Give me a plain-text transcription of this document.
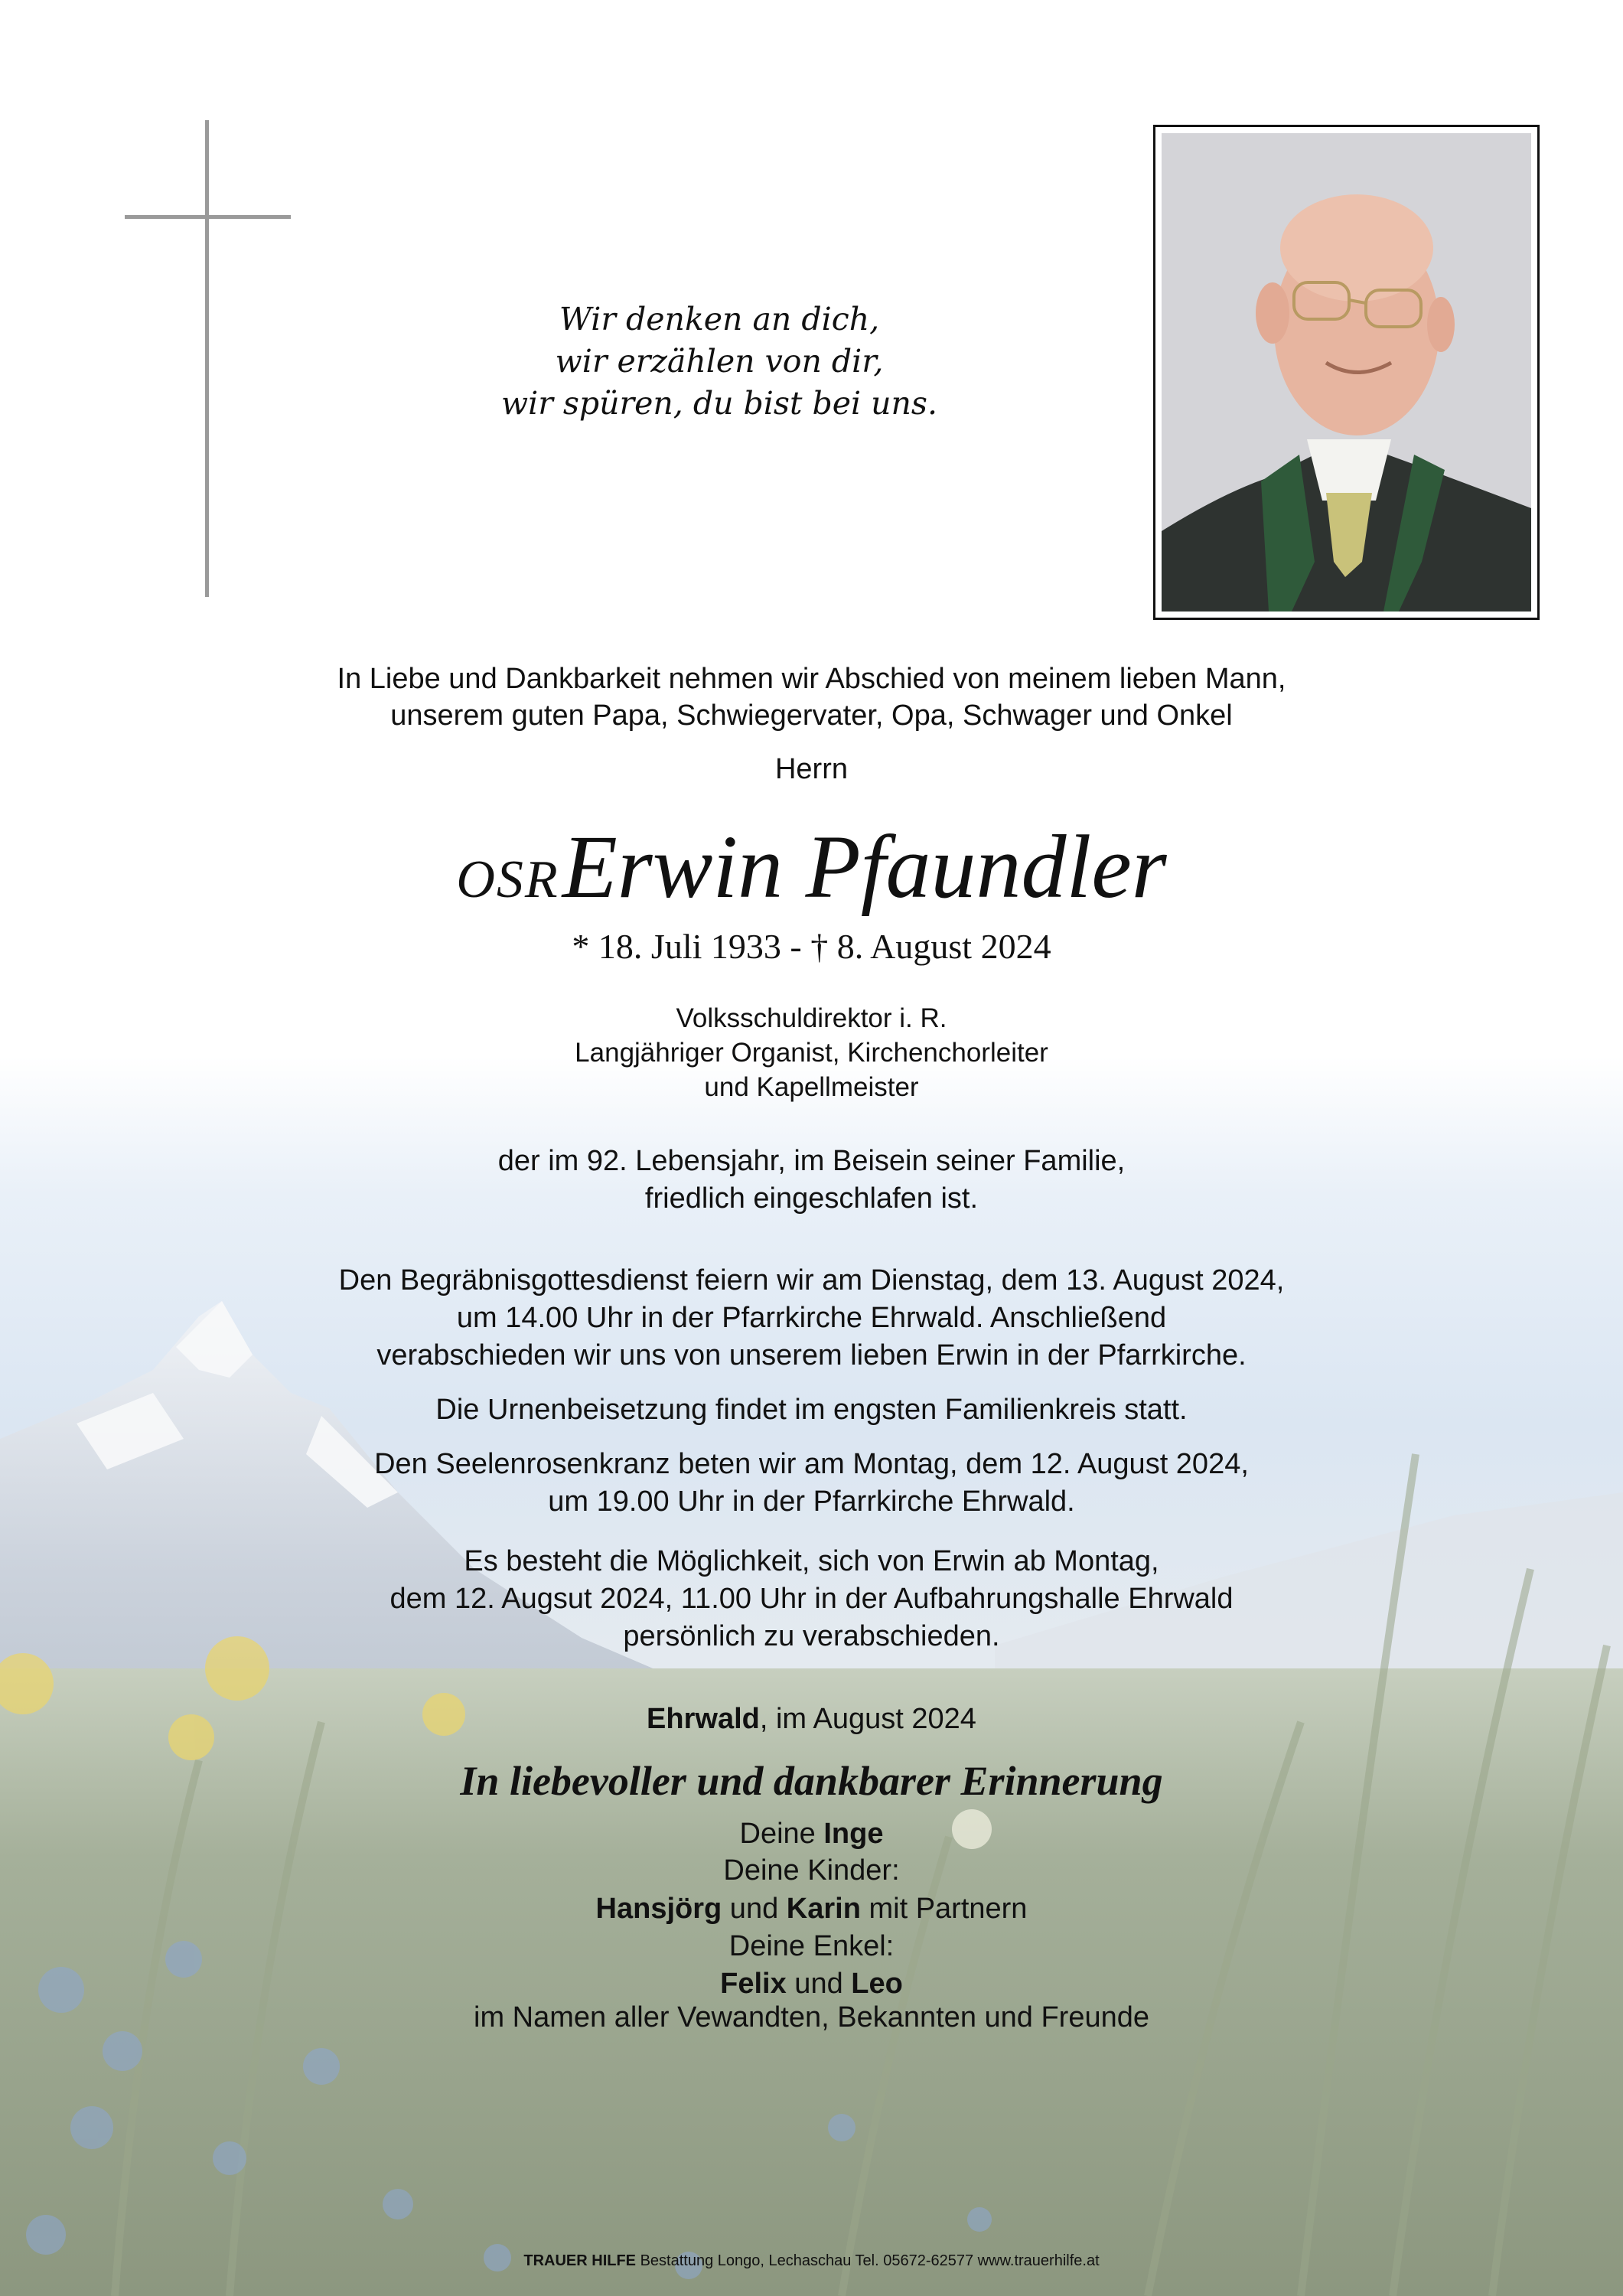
Wir denken an dich,
wir erzählen von dir,
wir spüren, du bist bei uns.
In Liebe und Dankbarkeit nehmen wir Abschied von meinem lieben Mann,
unserem guten Papa, Schwiegervater, Opa, Schwager und Onkel
Herrn
OSR Erwin Pfaundler
* 18. Juli 1933 - † 8. August 2024
Volksschuldirektor i. R.
Langjähriger Organist, Kirchenchorleiter
und Kapellmeister
der im 92. Lebensjahr, im Beisein seiner Familie,
friedlich eingeschlafen ist.
Den Begräbnisgottesdienst feiern wir am Dienstag, dem 13. August 2024,
um 14.00 Uhr in der Pfarrkirche Ehrwald. Anschließend
verabschieden wir uns von unserem lieben Erwin in der Pfarrkirche.
Die Urnenbeisetzung findet im engsten Familienkreis statt.
Den Seelenrosenkranz beten wir am Montag, dem 12. August 2024,
um 19.00 Uhr in der Pfarrkirche Ehrwald.
Es besteht die Möglichkeit, sich von Erwin ab Montag,
dem 12. Augsut 2024, 11.00 Uhr in der Aufbahrungshalle Ehrwald
persönlich zu verabschieden.
Ehrwald, im August 2024
In liebevoller und dankbarer Erinnerung
Deine Inge
Deine Kinder:
Hansjörg und Karin mit Partnern
Deine Enkel:
Felix und Leo
im Namen aller Vewandten, Bekannten und Freunde
TRAUER HILFE Bestattung Longo, Lechaschau Tel. 05672-62577 www.trauerhilfe.at
